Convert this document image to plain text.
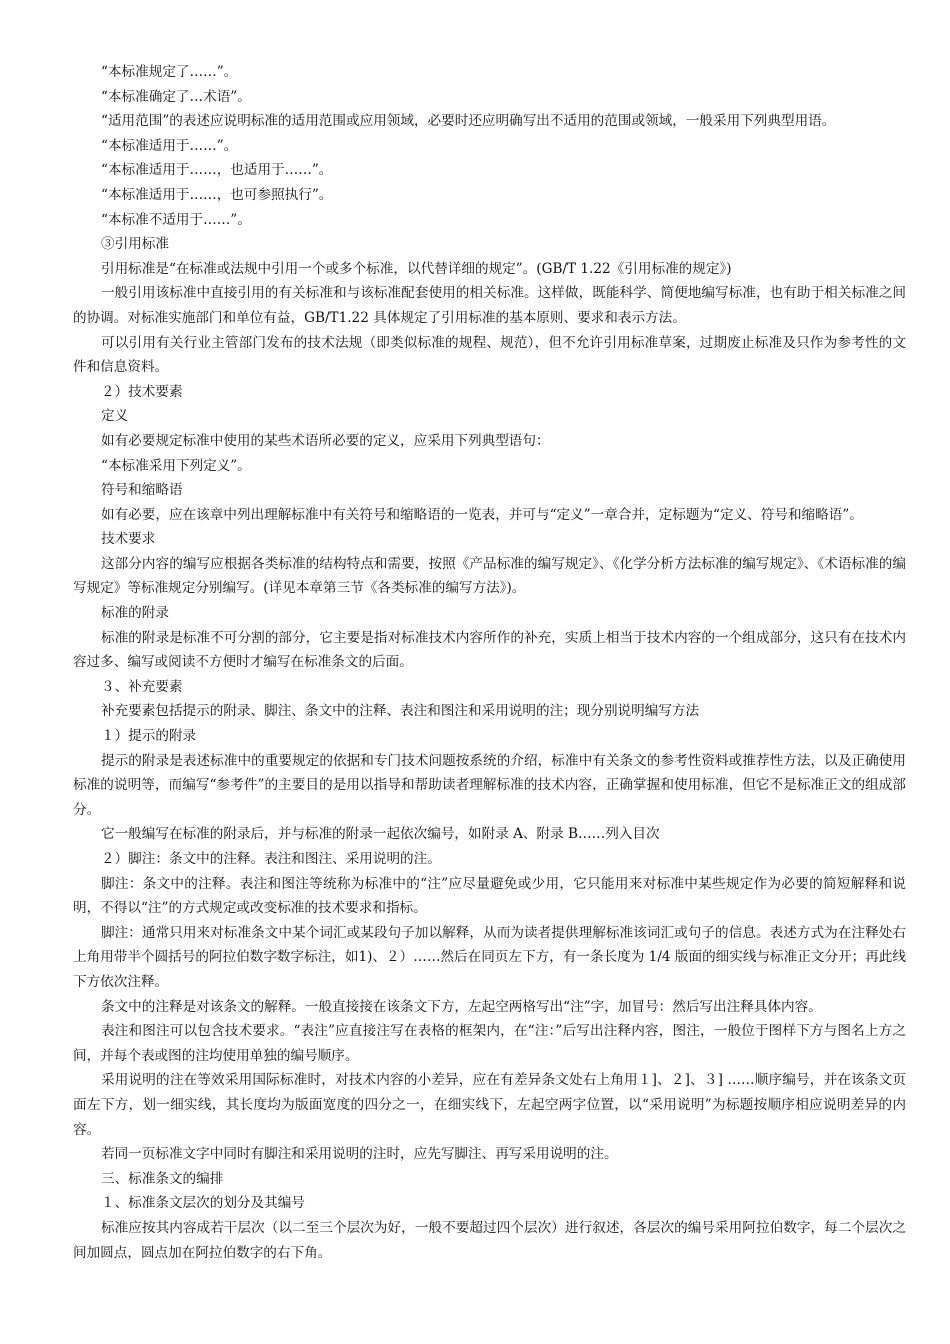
“本标准规定了……”。

“本标准确定了…术语”。

“适用范围”的表述应说明标准的适用范围或应用领域，必要时还应明确写出不适用的范围或领域，一般采用下列典型用语。

“本标准适用于……”。

“本标准适用于……，也适用于……”。

“本标准适用于……，也可参照执行”。

“本标准不适用于……”。

③引用标准

引用标准是“在标准或法规中引用一个或多个标准，以代替详细的规定”。(GB/T 1.22《引用标准的规定》)

一般引用该标准中直接引用的有关标准和与该标准配套使用的相关标准。这样做，既能科学、简便地编写标准，也有助于相关标准之间的协调。对标准实施部门和单位有益，GB/T1.22 具体规定了引用标准的基本原则、要求和表示方法。

可以引用有关行业主管部门发布的技术法规（即类似标准的规程、规范），但不允许引用标准草案，过期废止标准及只作为参考性的文件和信息资料。

２）技术要素

定义

如有必要规定标准中使用的某些术语所必要的定义，应采用下列典型语句：

“本标准采用下列定义”。

符号和缩略语

如有必要，应在该章中列出理解标准中有关符号和缩略语的一览表，并可与“定义”一章合并，定标题为“定义、符号和缩略语”。

技术要求

这部分内容的编写应根据各类标准的结构特点和需要，按照《产品标准的编写规定》、《化学分析方法标准的编写规定》、《术语标准的编写规定》等标准规定分别编写。(详见本章第三节《各类标准的编写方法》)。

标准的附录

标准的附录是标准不可分割的部分，它主要是指对标准技术内容所作的补充，实质上相当于技术内容的一个组成部分，这只有在技术内容过多、编写或阅读不方便时才编写在标准条文的后面。

３、补充要素

补充要素包括提示的附录、脚注、条文中的注释、表注和图注和采用说明的注；现分别说明编写方法

１）提示的附录

提示的附录是表述标准中的重要规定的依据和专门技术问题按系统的介绍，标准中有关条文的参考性资料或推荐性方法，以及正确使用标准的说明等，而编写“参考件”的主要目的是用以指导和帮助读者理解标准的技术内容，正确掌握和使用标准，但它不是标准正文的组成部分。

它一般编写在标准的附录后，并与标准的附录一起依次编号，如附录 A、附录 B……列入目次

２）脚注：条文中的注释。表注和图注、采用说明的注。

脚注：条文中的注释。表注和图注等统称为标准中的“注”应尽量避免或少用，它只能用来对标准中某些规定作为必要的简短解释和说明，不得以“注”的方式规定或改变标准的技术要求和指标。

脚注：通常只用来对标准条文中某个词汇或某段句子加以解释，从而为读者提供理解标准该词汇或句子的信息。表述方式为在注释处右上角用带半个圆括号的阿拉伯数字数字标注，如1)、２）……然后在同页左下方，有一条长度为 1/4 版面的细实线与标准正文分开；再此线下方依次注释。

条文中的注释是对该条文的解释。一般直接接在该条文下方，左起空两格写出“注”字，加冒号：然后写出注释具体内容。

表注和图注可以包含技术要求。“表注”应直接注写在表格的框架内，在“注：”后写出注释内容，图注，一般位于图样下方与图名上方之间，并每个表或图的注均使用单独的编号顺序。

采用说明的注在等效采用国际标准时，对技术内容的小差异，应在有差异条文处右上角用１]、２]、３] ……顺序编号，并在该条文页面左下方，划一细实线，其长度均为版面宽度的四分之一，在细实线下，左起空两字位置，以“采用说明”为标题按顺序相应说明差异的内容。

若同一页标准文字中同时有脚注和采用说明的注时，应先写脚注、再写采用说明的注。

三、标准条文的编排

１、标准条文层次的划分及其编号

标准应按其内容成若干层次（以二至三个层次为好，一般不要超过四个层次）进行叙述，各层次的编号采用阿拉伯数字，每二个层次之间加圆点，圆点加在阿拉伯数字的右下角。
